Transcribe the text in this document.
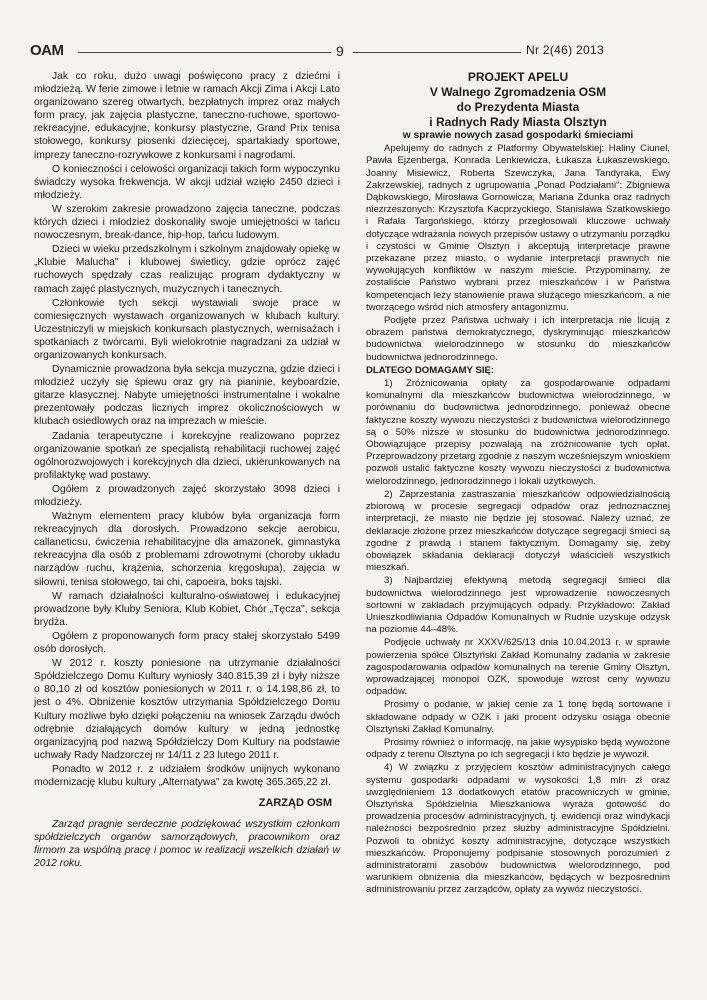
OAM	9	Nr 2(46) 2013

Jak co roku, dużo uwagi poświęcono pracy z dziećmi i młodzieżą. W ferie zimowe i letnie w ramach Akcji Zima i Akcji Lato organizowano szereg otwartych, bezpłatnych imprez oraz małych form pracy, jak zajęcia plastyczne, taneczno-ruchowe, sportowo-rekreacyjne, edukacyjne, konkursy plastyczne, Grand Prix tenisa stołowego, konkursy piosenki dziecięcej, spartakiady sportowe, imprezy taneczno-rozrywkowe z konkursami i nagrodami.

O konieczności i celowości organizacji takich form wypoczynku świadczy wysoka frekwencja. W akcji udział wzięło 2450 dzieci i młodzieży.

W szerokim zakresie prowadzono zajęcia taneczne, podczas których dzieci i młodzież doskonaliły swoje umiejętności w tańcu nowoczesnym, break-dance, hip-hop, tańcu ludowym.

Dzieci w wieku przedszkolnym i szkolnym znajdowały opiekę w „Klubie Malucha" i klubowej świetlicy, gdzie oprócz zajęć ruchowych spędzały czas realizując program dydaktyczny w ramach zajęć plastycznych, muzycznych i tanecznych.

Członkowie tych sekcji wystawiali swoje prace w comiesięcznych wystawach organizowanych w klubach kultury. Uczestniczyli w miejskich konkursach plastycznych, wernisażach i spotkaniach z twórcami. Byli wielokrotnie nagradzani za udział w organizowanych konkursach.

Dynamicznie prowadzona była sekcja muzyczna, gdzie dzieci i młodzież uczyły się śpiewu oraz gry na pianinie, keyboardzie, gitarze klasycznej. Nabyte umiejętności instrumentalne i wokalne prezentowały podczas licznych imprez okolicznościowych w klubach osiedlowych oraz na imprezach w mieście.

Zadania terapeutyczne i korekcyjne realizowano poprzez organizowanie spotkań ze specjalistą rehabilitacji ruchowej zajęć ogólnorozwojowych i korekcyjnych dla dzieci, ukierunkowanych na profilaktykę wad postawy.

Ogółem z prowadzonych zajęć skorzystało 3098 dzieci i młodzieży.

Ważnym elementem pracy klubów była organizacja form rekreacyjnych dla dorosłych. Prowadzono sekcje aerobicu, callaneticsu, ćwiczenia rehabilitacyjne dla amazonek, gimnastyka rekreacyjna dla osób z problemami zdrowotnymi (choroby układu narządów ruchu, krążenia, schorzenia kręgosłupa), zajęcia w siłowni, tenisa stołowego, tai chi, capoeira, boks tajski.

W ramach działalności kulturalno-oświatowej i edukacyjnej prowadzone były Kluby Seniora, Klub Kobiet, Chór „Tęcza", sekcja brydża.

Ogółem z proponowanych form pracy stałej skorzystało 5499 osób dorosłych.

W 2012 r. koszty poniesione na utrzymanie działalności Spółdzielczego Domu Kultury wyniosły 340.815,39 zł i były niższe o 80,10 zł od kosztów poniesionych w 2011 r. o 14.198,86 zł, to jest o 4%. Obniżenie kosztów utrzymania Spółdzielczego Domu Kultury możliwe było dzięki połączeniu na wniosek Zarządu dwóch odrębnie działających domów kultury w jedną jednostkę organizacyjną pod nazwą Spółdzielczy Dom Kultury na podstawie uchwały Rady Nadzorczej nr 14/11 z 23 lutego 2011 r.

Ponadto w 2012 r. z udziałem środków unijnych wykonano modernizację klubu kultury „Alternatywa" za kwotę 365.365,22 zł.

ZARZĄD OSM

Zarząd pragnie serdecznie podziękować wszystkim członkom spółdzielczych organów samorządowych, pracownikom oraz firmom za wspólną pracę i pomoc w realizacji wszelkich działań w 2012 roku.

PROJEKT APELU

V Walnego Zgromadzenia OSM

do Prezydenta Miasta

i Radnych Rady Miasta Olsztyn

w sprawie nowych zasad gospodarki śmieciami

Apelujemy do radnych z Platformy Obywatelskiej: Haliny Ciunel, Pawła Ejzenberga, Konrada Lenkiewicza, Łukasza Łukaszewskiego, Joanny Misiewicz, Roberta Szewczyka, Jana Tandyraka, Ewy Zakrzewskiej, radnych z ugrupowania „Ponad Podziałami": Zbigniewa Dąbkowskiego, Mirosława Gornowicza, Mariana Zdunka oraz radnych niezrzeszonych: Krzysztofa Kacprzyckiego, Stanisława Szatkowskiego i Rafała Targońskiego, którzy przegłosowali kluczowe uchwały dotyczące wdrażania nowych przepisów ustawy o utrzymaniu porządku i czystości w Gminie Olsztyn i akceptują interpretacje prawne przekazane przez miasto, o wydanie interpretacji prawnych nie wywołujących konfliktów w naszym mieście. Przypominamy, że zostaliście Państwo wybrani przez mieszkańców i w Państwa kompetencjach leży stanowienie prawa służącego mieszkańcom, a nie tworzącego wśród nich atmosfery antagonizmu.

Podjęte przez Państwa uchwały i ich interpretacja nie licują z obrazem państwa demokratycznego, dyskryminując mieszkańców budownictwa wielorodzinnego w stosunku do mieszkańców budownictwa jednorodzinnego.

DLATEGO DOMAGAMY SIĘ:

1) Zróżnicowania opłaty za gospodarowanie odpadami komunalnymi dla mieszkańców budownictwa wielorodzinnego, w porównaniu do budownictwa jednorodzinnego, ponieważ obecne faktyczne koszty wywozu nieczystości z budownictwa wielorodzinnego są o 50% niższe w stosunku do budownictwa jednorodzinnego. Obowiązujące przepisy pozwalają na zróżnicowanie tych opłat. Przeprowadzony przetarg zgodnie z naszym wcześniejszym wnioskiem pozwoli ustalić faktyczne koszty wywozu nieczystości z budownictwa wielorodzinnego, jednorodzinnego i lokali użytkowych.

2) Zaprzestania zastraszania mieszkańców odpowiedzialnością zbiorową w procesie segregacji odpadów oraz jednoznacznej interpretacji, że miasto nie będzie jej stosować. Należy uznać, że deklaracje złożone przez mieszkańców dotyczące segregacji śmieci są zgodne z prawdą i stanem faktycznym. Domagamy się, żeby obowiązek składania deklaracji dotyczył właścicieli wszystkich mieszkań.

3) Najbardziej efektywną metodą segregacji śmieci dla budownictwa wielorodzinnego jest wprowadzenie nowoczesnych sortowni w zakładach przyjmujących odpady. Przykładowo: Zakład Unieszkodliwiania Odpadów Komunalnych w Rudnie uzyskuje odzysk na poziomie 44–48%.

Podjęcie uchwały nr XXXV/625/13 dnia 10.04.2013 r. w sprawie powierzenia spółce Olsztyński Zakład Komunalny zadania w zakresie zagospodarowania odpadów komunalnych na terenie Gminy Olsztyn, wprowadzającej monopol OZK, spowoduje wzrost ceny wywozu odpadów.

Prosimy o podanie, w jakiej cenie za 1 tonę będą sortowane i składowane odpady w OZK i jaki procent odzysku osiąga obecnie Olsztyński Zakład Komunalny.

Prosimy również o informację, na jakie wysypisko będą wywożone odpady z terenu Olsztyna po ich segregacji i kto będzie je wywoził.

4) W związku z przyjęciem kosztów administracyjnych całego systemu gospodarki odpadami w wysokości 1,8 mln zł oraz uwzględnieniem 13 dodatkowych etatów pracowniczych w gminie, Olsztyńska Spółdzielnia Mieszkaniowa wyraża gotowość do prowadzenia procesów administracyjnych, tj. ewidencji oraz windykacji należności bezpośrednio przez służby administracyjne Spółdzielni. Pozwoli to obniżyć koszty administracyjne, dotyczące wszystkich mieszkańców. Proponujemy podpisanie stosownych porozumień z administratorami zasobów budownictwa wielorodzinnego, pod warunkiem obniżenia dla mieszkańców, będących w bezpośrednim administrowaniu przez zarządców, opłaty za wywóz nieczystości.
